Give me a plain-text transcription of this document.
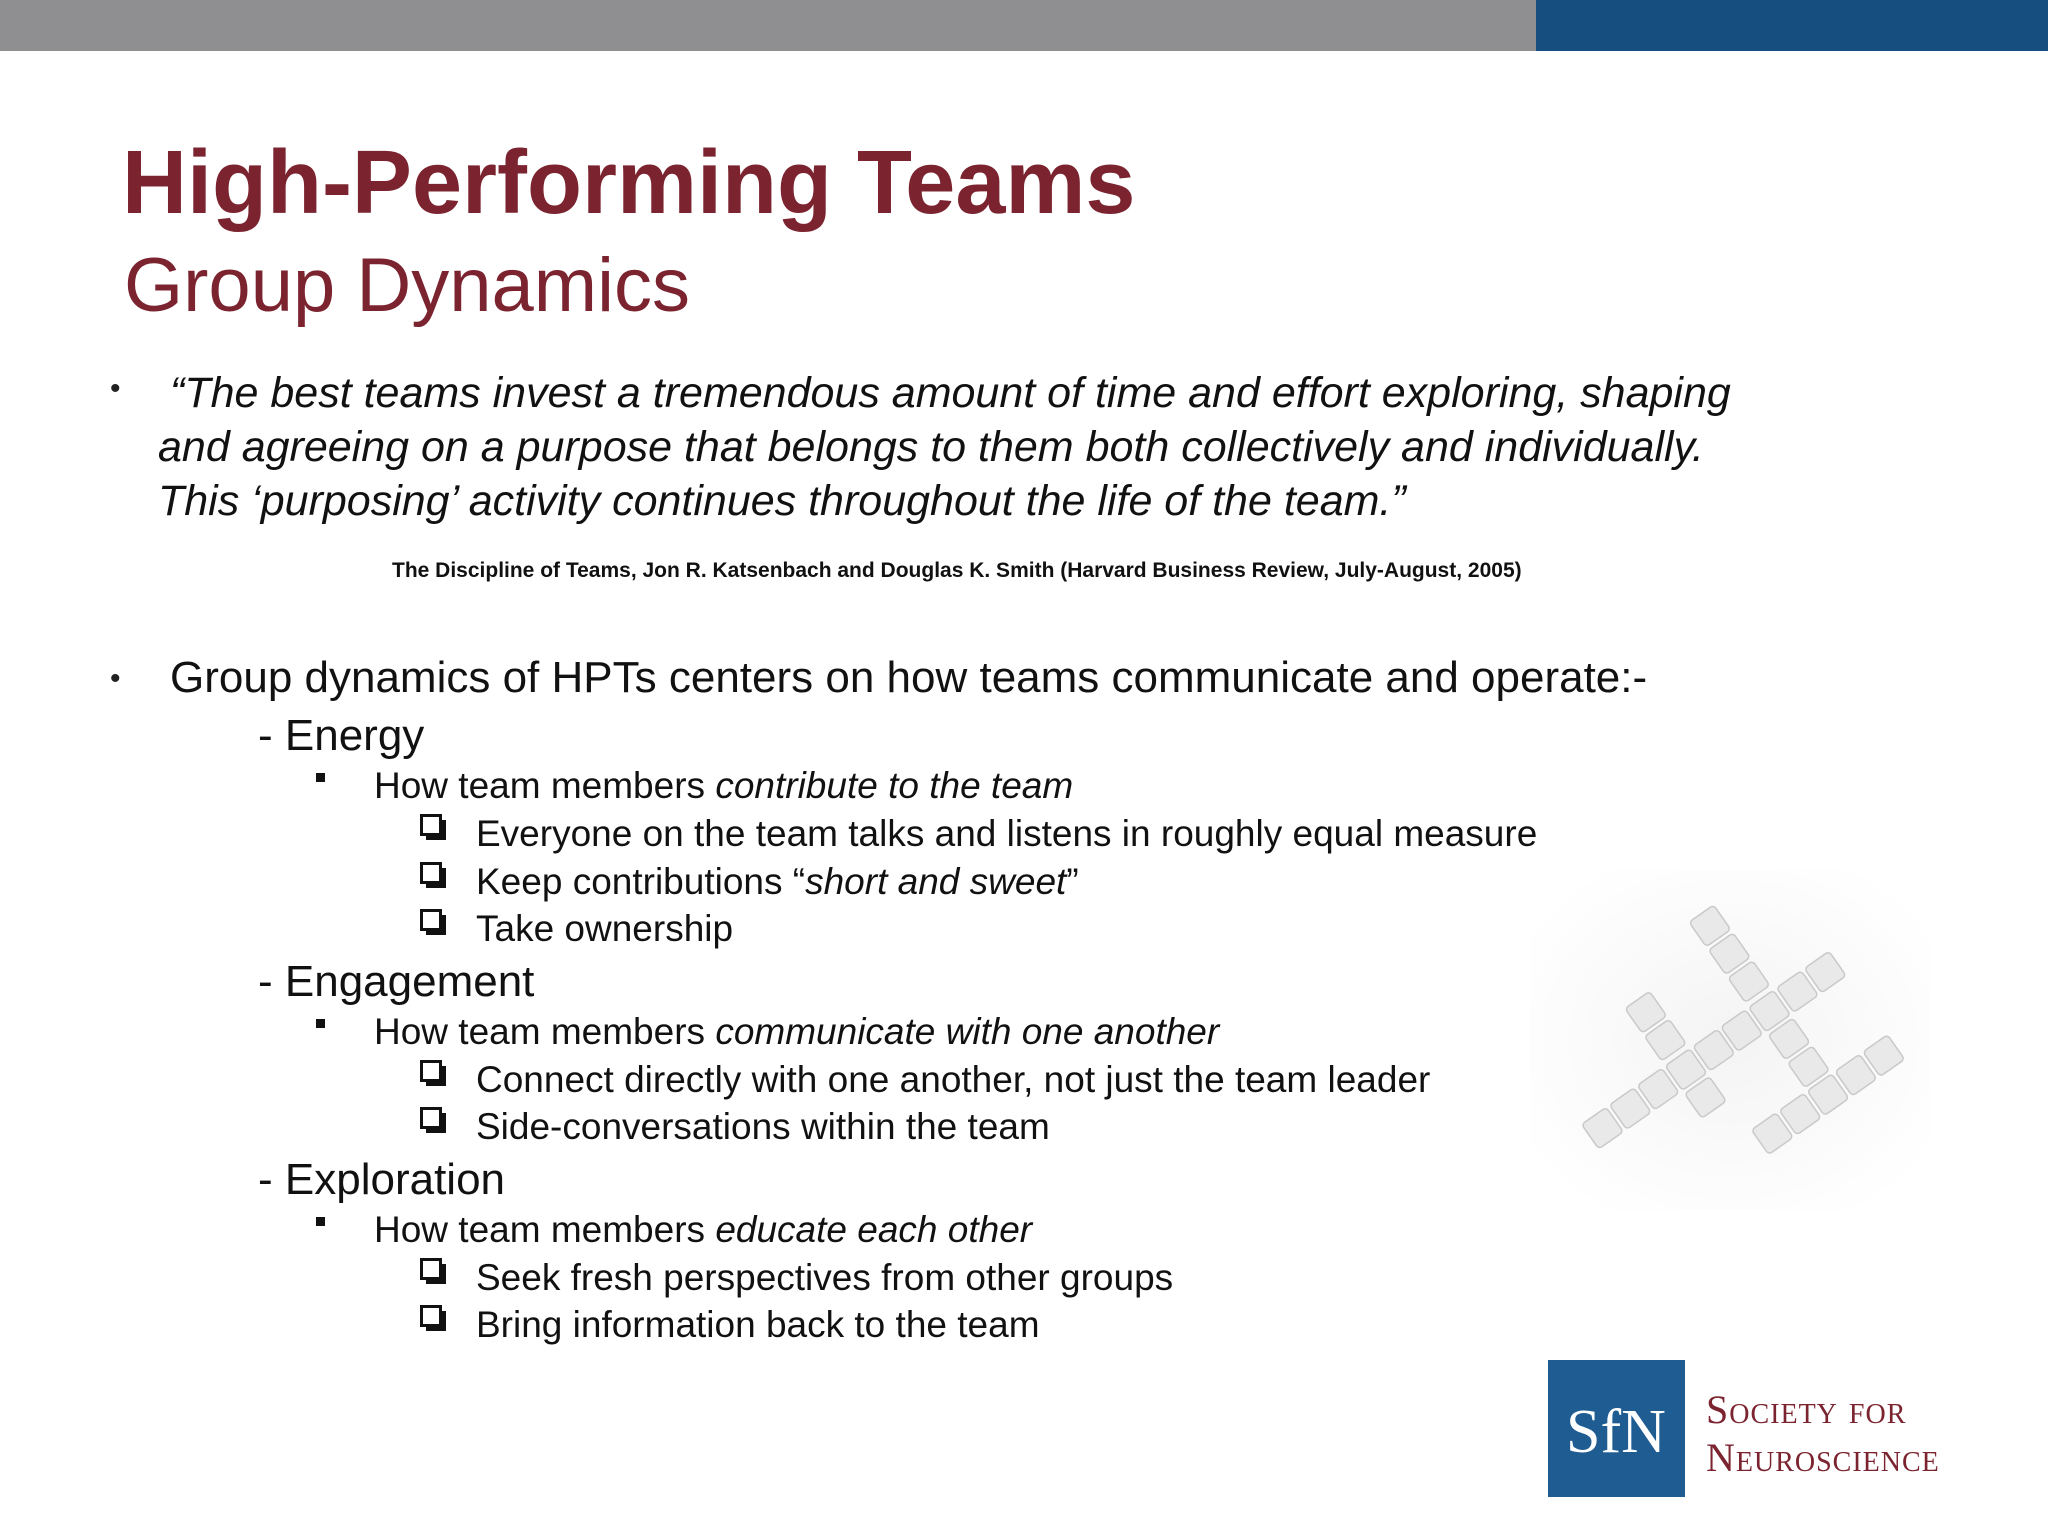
High-Performing Teams
Group Dynamics
• “The best teams invest a tremendous amount of time and effort exploring, shaping
and agreeing on a purpose that belongs to them both collectively and individually.
This ‘purposing’ activity continues throughout the life of the team.”
The Discipline of Teams, Jon R. Katsenbach and Douglas K. Smith (Harvard Business Review, July-August, 2005)
• Group dynamics of HPTs centers on how teams communicate and operate:-
- Energy
How team members contribute to the team
Everyone on the team talks and listens in roughly equal measure
Keep contributions “short and sweet”
Take ownership
- Engagement
How team members communicate with one another
Connect directly with one another, not just the team leader
Side-conversations within the team
- Exploration
How team members educate each other
Seek fresh perspectives from other groups
Bring information back to the team
SfN Society for Neuroscience
